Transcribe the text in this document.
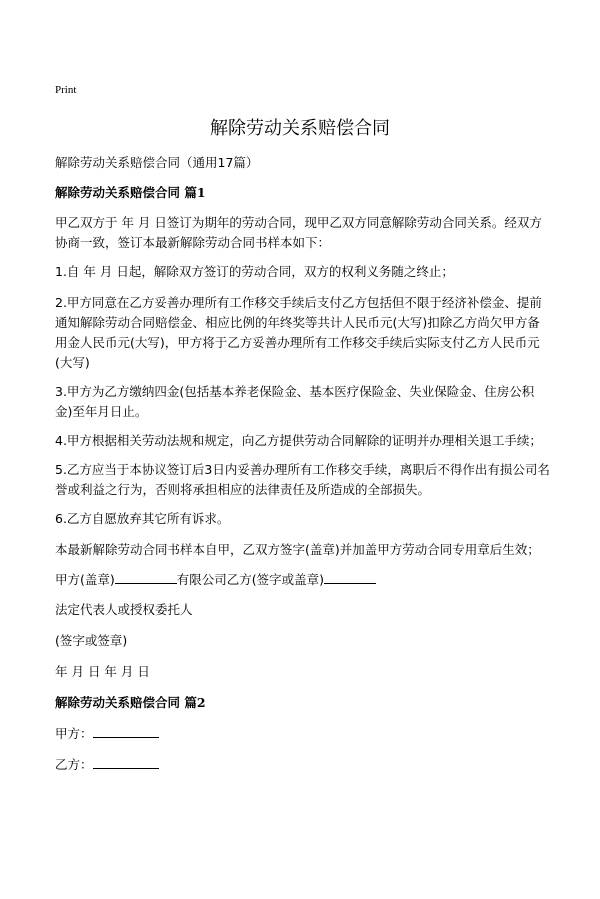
Print
解除劳动关系赔偿合同

解除劳动关系赔偿合同（通用17篇）

解除劳动关系赔偿合同 篇1

甲乙双方于 年 月 日签订为期年的劳动合同，现甲乙双方同意解除劳动合同关系。经双方协商一致，签订本最新解除劳动合同书样本如下：

1.自 年 月 日起，解除双方签订的劳动合同，双方的权利义务随之终止；

2.甲方同意在乙方妥善办理所有工作移交手续后支付乙方包括但不限于经济补偿金、提前通知解除劳动合同赔偿金、相应比例的年终奖等共计人民币元(大写)扣除乙方尚欠甲方备用金人民币元(大写)，甲方将于乙方妥善办理所有工作移交手续后实际支付乙方人民币元(大写)

3.甲方为乙方缴纳四金(包括基本养老保险金、基本医疗保险金、失业保险金、住房公积金)至年月日止。

4.甲方根据相关劳动法规和规定，向乙方提供劳动合同解除的证明并办理相关退工手续；

5.乙方应当于本协议签订后3日内妥善办理所有工作移交手续，离职后不得作出有损公司名誉或利益之行为，否则将承担相应的法律责任及所造成的全部损失。

6.乙方自愿放弃其它所有诉求。

本最新解除劳动合同书样本自甲，乙双方签字(盖章)并加盖甲方劳动合同专用章后生效；

甲方(盖章)	有限公司乙方(签字或盖章)

法定代表人或授权委托人

(签字或签章)

年 月 日 年 月 日

解除劳动关系赔偿合同 篇2

甲方：
乙方：
